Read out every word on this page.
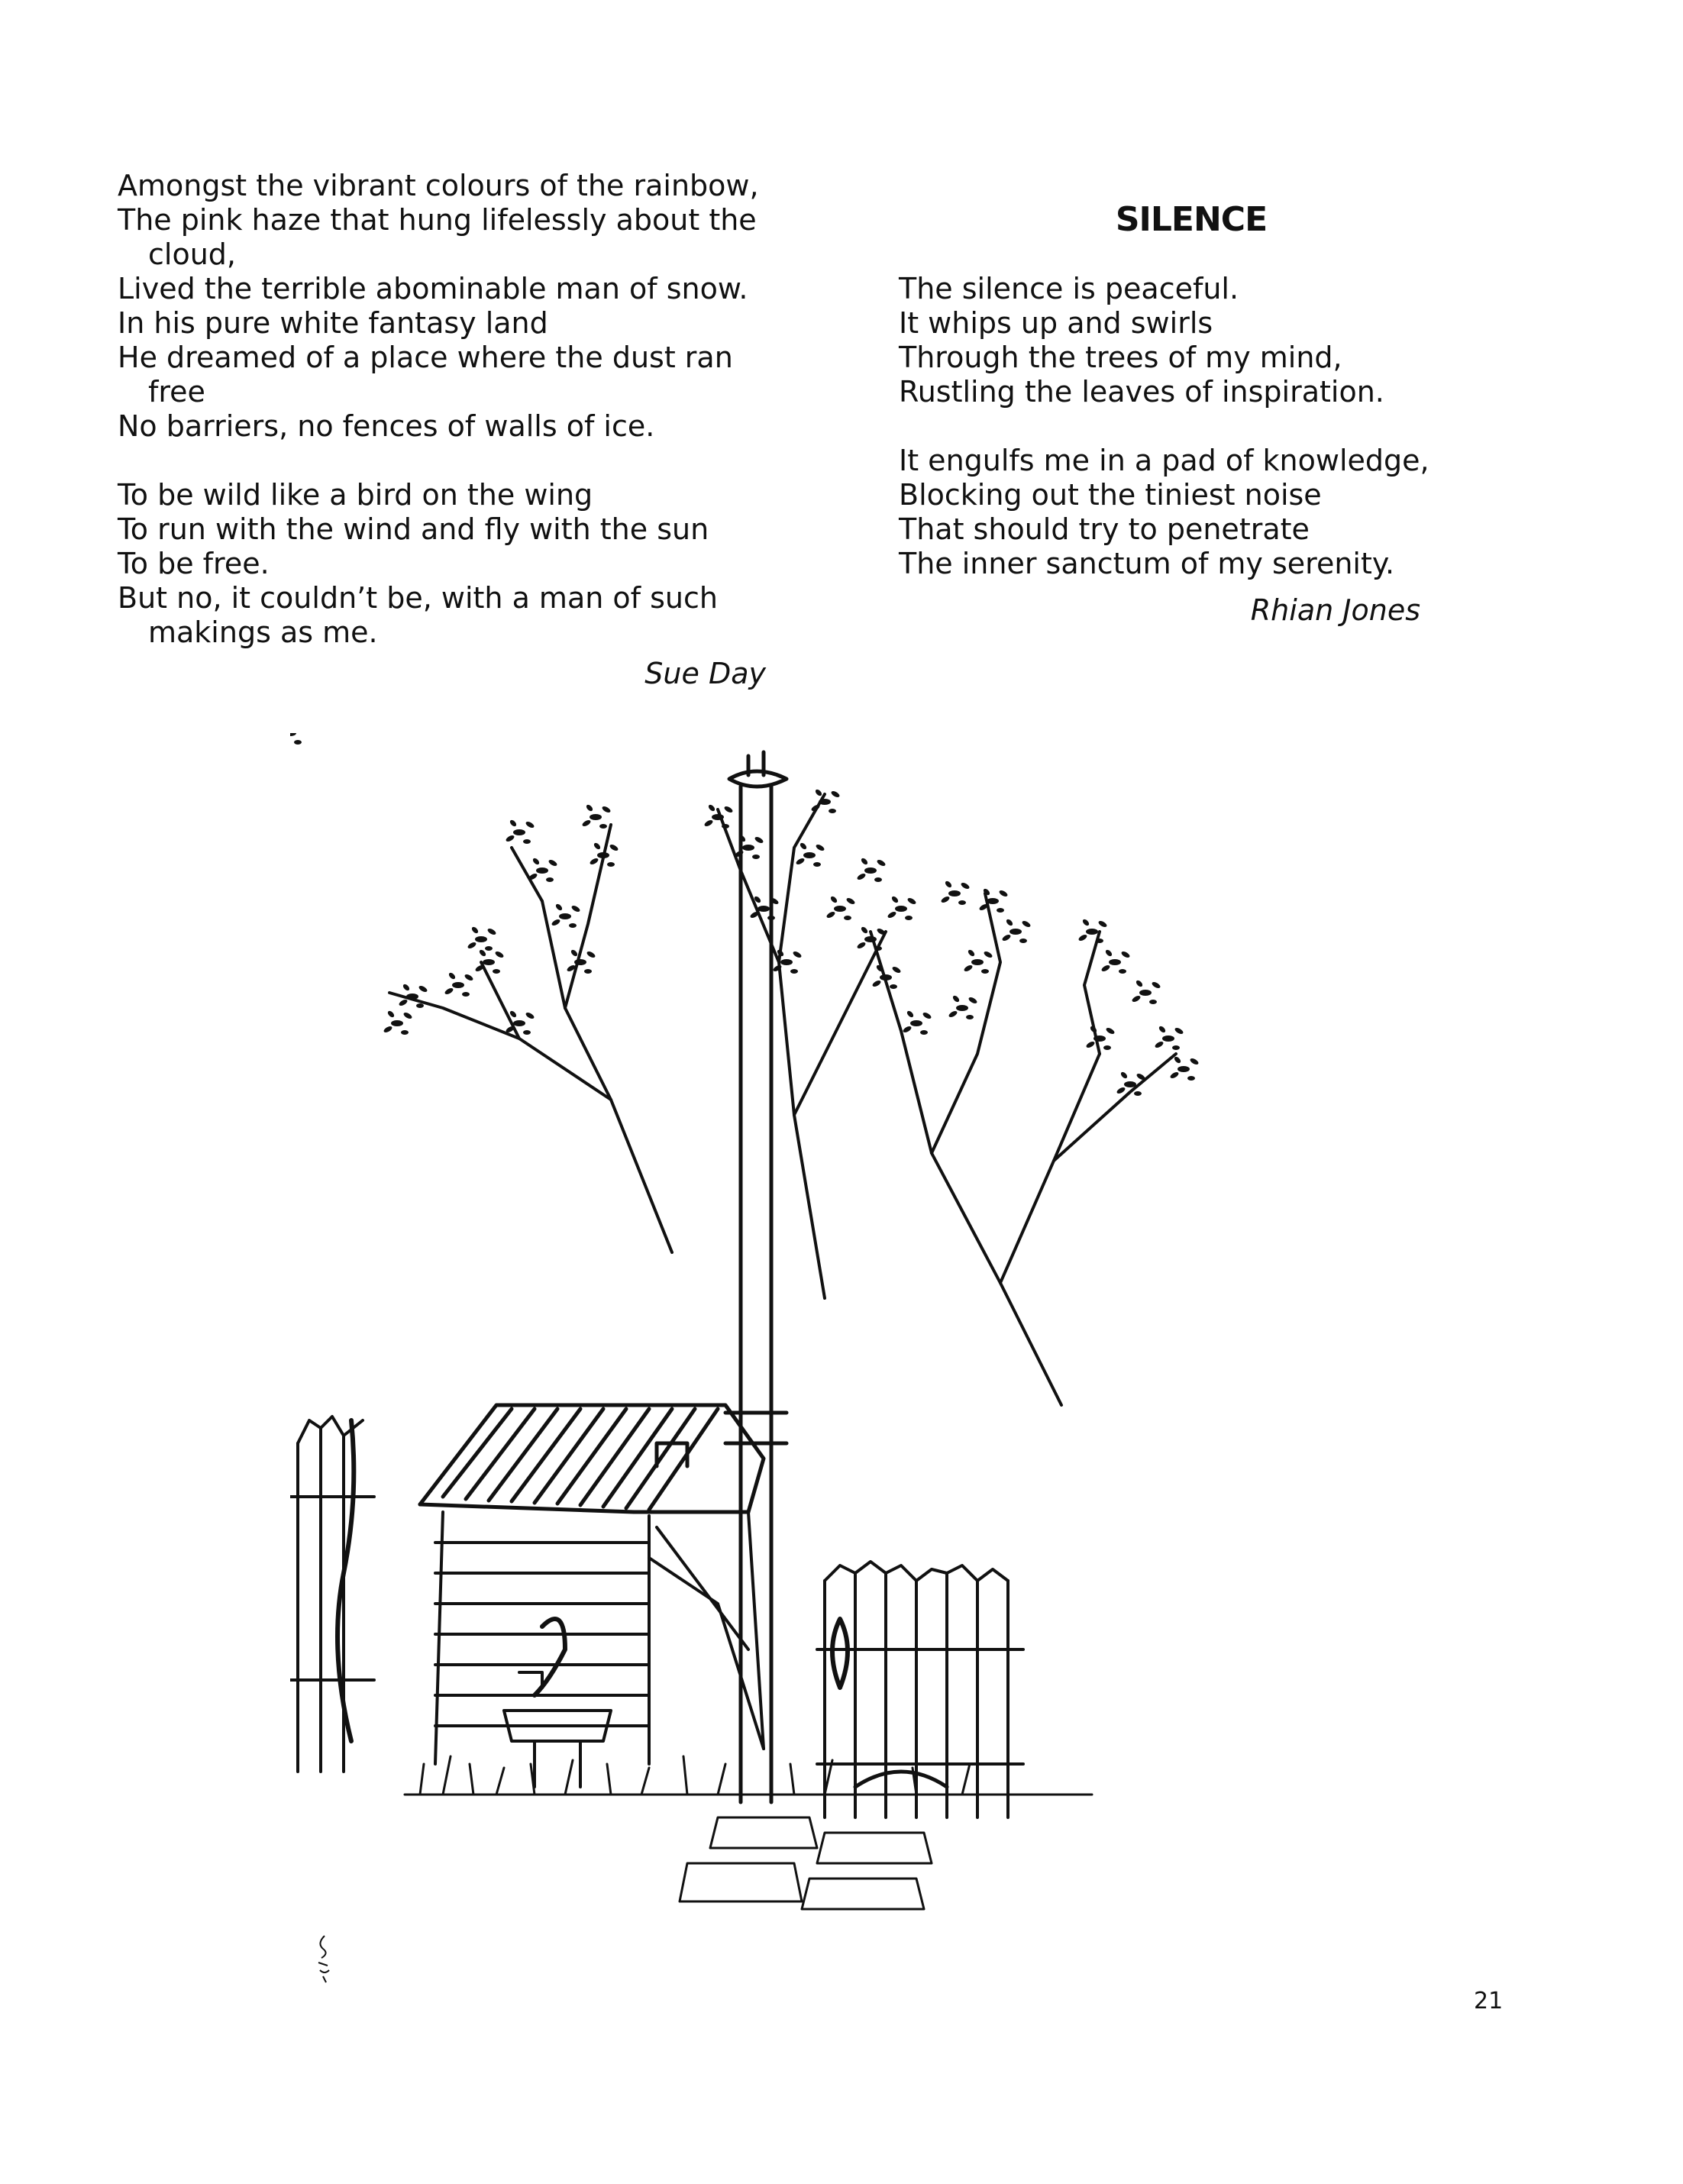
Amongst the vibrant colours of the rainbow,
The pink haze that hung lifelessly about the
cloud,
Lived the terrible abominable man of snow.
In his pure white fantasy land
He dreamed of a place where the dust ran
free
No barriers, no fences of walls of ice.
To be wild like a bird on the wing
To run with the wind and fly with the sun
To be free.
But no, it couldn’t be, with a man of such
makings as me.
Sue Day
SILENCE
The silence is peaceful.
It whips up and swirls
Through the trees of my mind,
Rustling the leaves of inspiration.
It engulfs me in a pad of knowledge,
Blocking out the tiniest noise
That should try to penetrate
The inner sanctum of my serenity.
Rhian Jones
21
